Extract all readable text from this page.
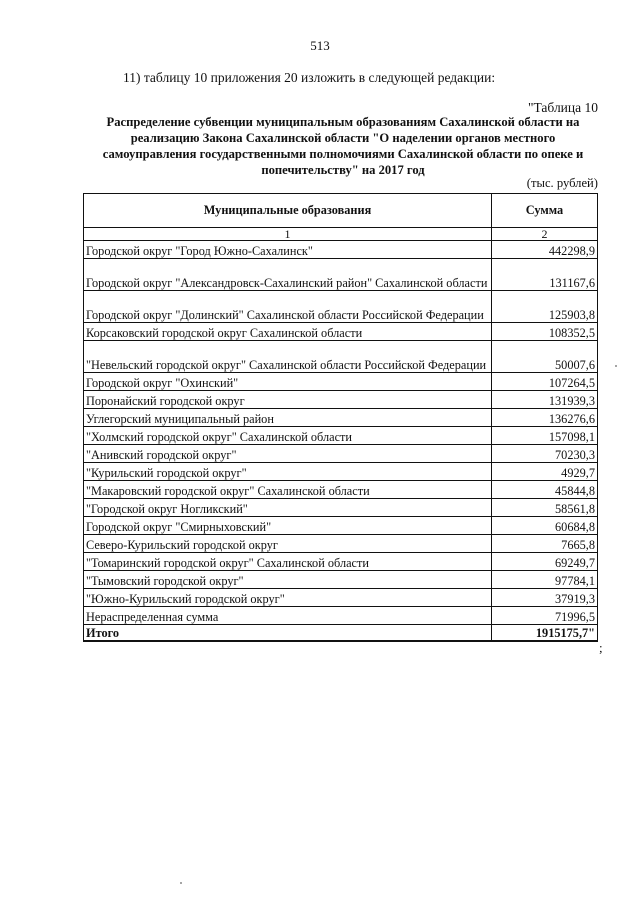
513
11) таблицу 10 приложения 20 изложить в следующей редакции:
"Таблица 10
Распределение субвенции муниципальным образованиям Сахалинской области на реализацию Закона Сахалинской области "О наделении органов местного самоуправления государственными полномочиями Сахалинской области по опеке и попечительству" на 2017 год
(тыс. рублей)
Муниципальные образования	Сумма
1	2
Городской округ "Город Южно-Сахалинск"	442298,9
Городской округ "Александровск-Сахалинский район" Сахалинской области	131167,6
Городской округ "Долинский" Сахалинской области Российской Федерации	125903,8
Корсаковский городской округ Сахалинской области	108352,5
"Невельский городской округ" Сахалинской области Российской Федерации	50007,6
Городской округ "Охинский"	107264,5
Поронайский городской округ	131939,3
Углегорский муниципальный район	136276,6
"Холмский городской округ" Сахалинской области	157098,1
"Анивский городской округ"	70230,3
"Курильский городской округ"	4929,7
"Макаровский городской округ" Сахалинской области	45844,8
"Городской округ Ногликский"	58561,8
Городской округ "Смирныховский"	60684,8
Северо-Курильский городской округ	7665,8
"Томаринский городской округ" Сахалинской области	69249,7
"Тымовский городской округ"	97784,1
"Южно-Курильский городской округ"	37919,3
Нераспределенная сумма	71996,5
Итого	1915175,7"
;
